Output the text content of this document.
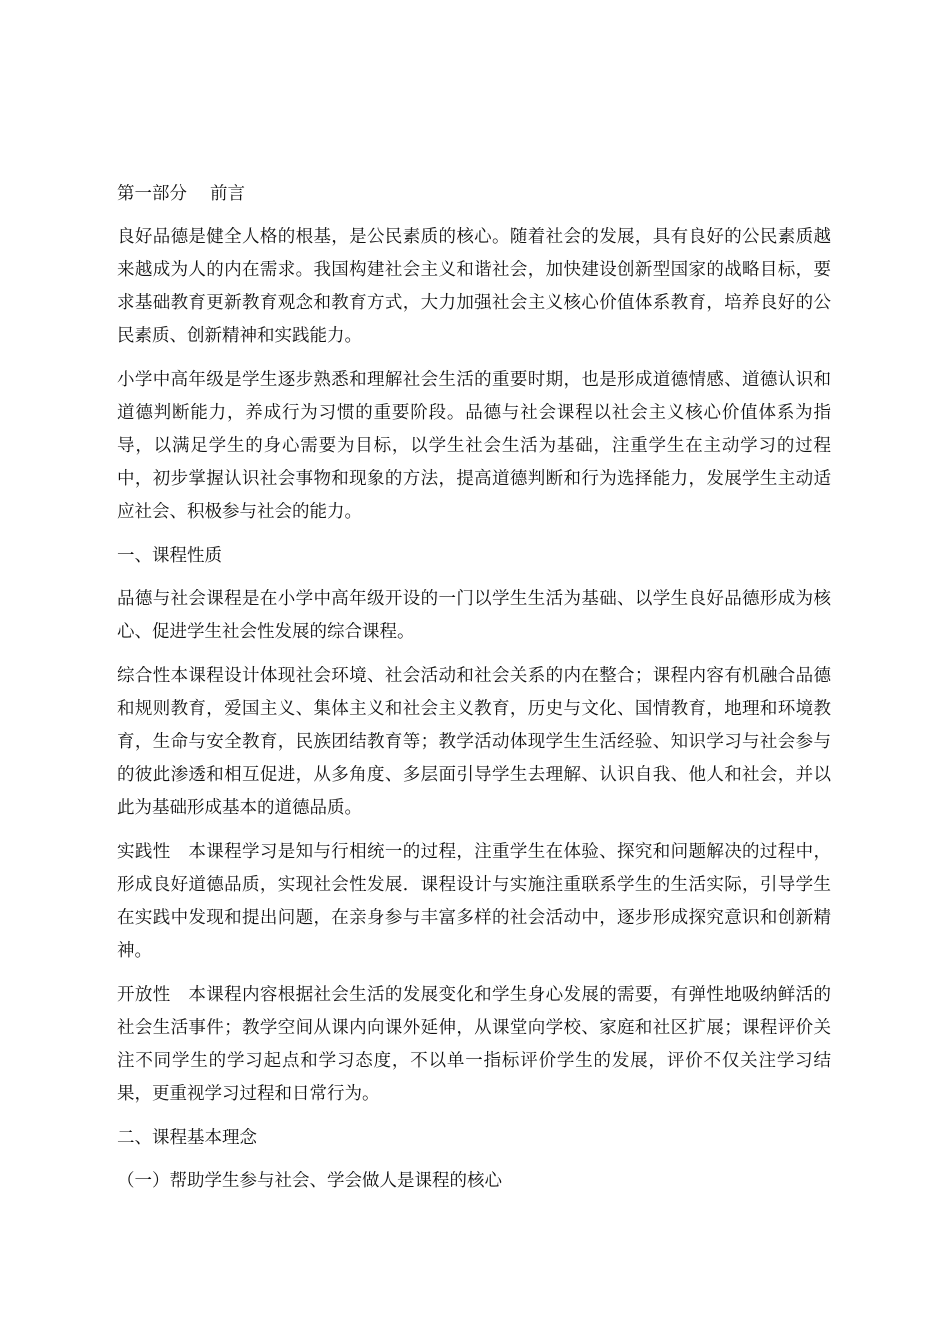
第一部分　 前言

良好品德是健全人格的根基，是公民素质的核心。随着社会的发展，具有良好的公民素质越来越成为人的内在需求。我国构建社会主义和谐社会，加快建设创新型国家的战略目标，要求基础教育更新教育观念和教育方式，大力加强社会主义核心价值体系教育，培养良好的公民素质、创新精神和实践能力。

小学中高年级是学生逐步熟悉和理解社会生活的重要时期，也是形成道德情感、道德认识和道德判断能力，养成行为习惯的重要阶段。品德与社会课程以社会主义核心价值体系为指导，以满足学生的身心需要为目标，以学生社会生活为基础，注重学生在主动学习的过程中，初步掌握认识社会事物和现象的方法，提高道德判断和行为选择能力，发展学生主动适应社会、积极参与社会的能力。

一、课程性质

品德与社会课程是在小学中高年级开设的一门以学生生活为基础、以学生良好品德形成为核心、促进学生社会性发展的综合课程。

综合性本课程设计体现社会环境、社会活动和社会关系的内在整合；课程内容有机融合品德和规则教育，爱国主义、集体主义和社会主义教育，历史与文化、国情教育，地理和环境教育，生命与安全教育，民族团结教育等；教学活动体现学生生活经验、知识学习与社会参与的彼此渗透和相互促进，从多角度、多层面引导学生去理解、认识自我、他人和社会，并以此为基础形成基本的道德品质。

实践性　本课程学习是知与行相统一的过程，注重学生在体验、探究和问题解决的过程中，形成良好道德品质，实现社会性发展．课程设计与实施注重联系学生的生活实际，引导学生在实践中发现和提出问题，在亲身参与丰富多样的社会活动中，逐步形成探究意识和创新精神。

开放性　本课程内容根据社会生活的发展变化和学生身心发展的需要，有弹性地吸纳鲜活的社会生活事件；教学空间从课内向课外延伸，从课堂向学校、家庭和社区扩展；课程评价关注不同学生的学习起点和学习态度，不以单一指标评价学生的发展，评价不仅关注学习结果，更重视学习过程和日常行为。

二、课程基本理念
（一）帮助学生参与社会、学会做人是课程的核心
